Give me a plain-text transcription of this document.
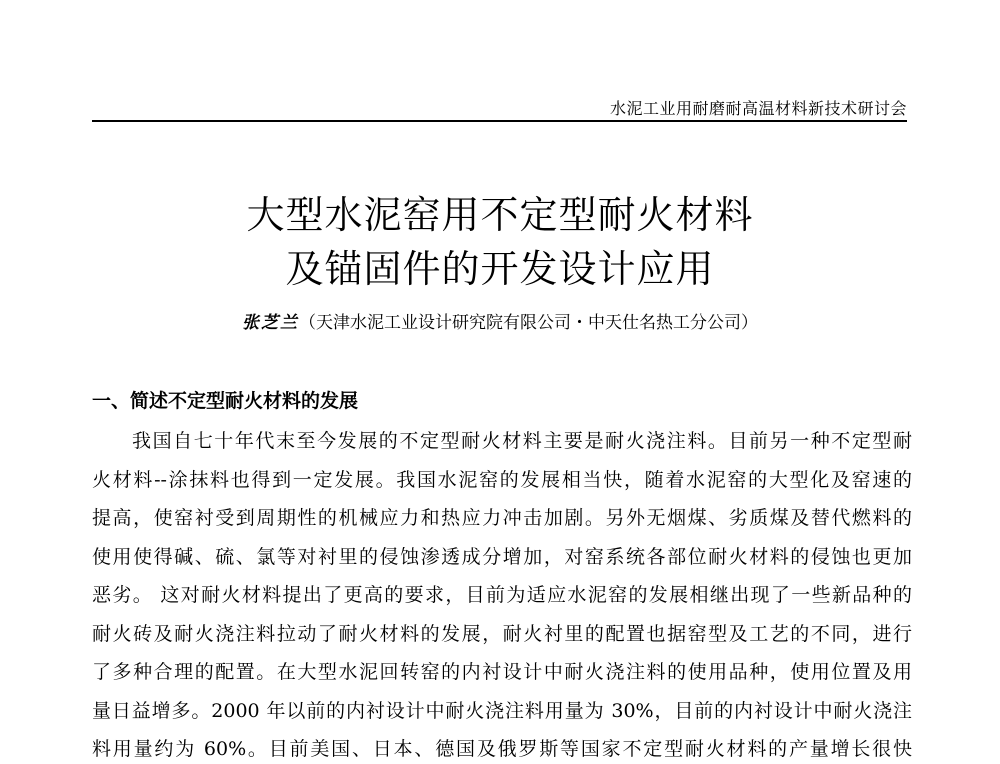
水泥工业用耐磨耐高温材料新技术研讨会
大型水泥窑用不定型耐火材料
及锚固件的开发设计应用
张芝兰（天津水泥工业设计研究院有限公司・中天仕名热工分公司）
一、简述不定型耐火材料的发展
我国自七十年代末至今发展的不定型耐火材料主要是耐火浇注料。目前另一种不定型耐
火材料--涂抹料也得到一定发展。我国水泥窑的发展相当快，随着水泥窑的大型化及窑速的
提高，使窑衬受到周期性的机械应力和热应力冲击加剧。另外无烟煤、劣质煤及替代燃料的
使用使得碱、硫、氯等对衬里的侵蚀渗透成分增加，对窑系统各部位耐火材料的侵蚀也更加
恶劣。 这对耐火材料提出了更高的要求，目前为适应水泥窑的发展相继出现了一些新品种的
耐火砖及耐火浇注料拉动了耐火材料的发展，耐火衬里的配置也据窑型及工艺的不同，进行
了多种合理的配置。在大型水泥回转窑的内衬设计中耐火浇注料的使用品种，使用位置及用
量日益增多。2000 年以前的内衬设计中耐火浇注料用量为 30%，目前的内衬设计中耐火浇注
料用量约为 60%。目前美国、日本、德国及俄罗斯等国家不定型耐火材料的产量增长很快
